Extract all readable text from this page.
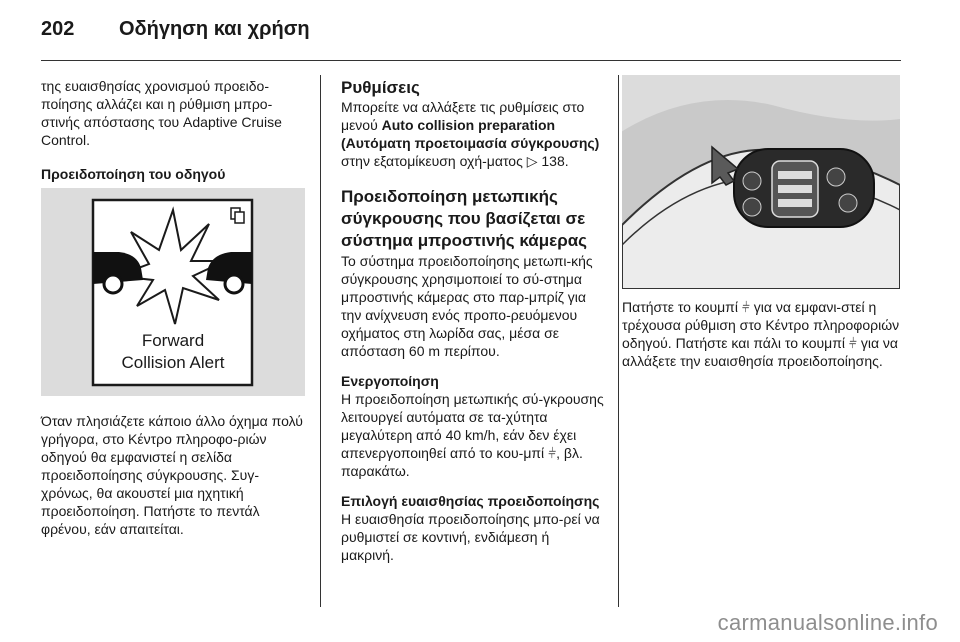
202 Οδήγηση και χρήση

της ευαισθησίας χρονισμού προειδο-ποίησης αλλάζει και η ρύθμιση μπρο-στινής απόστασης του Adaptive Cruise Control.

Προειδοποίηση του οδηγού

Forward
Collision Alert

Όταν πλησιάζετε κάποιο άλλο όχημα πολύ γρήγορα, στο Κέντρο πληροφο-ριών οδηγού θα εμφανιστεί η σελίδα προειδοποίησης σύγκρουσης. Συγ-χρόνως, θα ακουστεί μια ηχητική προειδοποίηση. Πατήστε το πεντάλ φρένου, εάν απαιτείται.

Ρυθμίσεις

Μπορείτε να αλλάξετε τις ρυθμίσεις στο μενού Auto collision preparation (Αυτόματη προετοιμασία σύγκρουσης) στην εξατομίκευση οχή-ματος ▷ 138.

Προειδοποίηση μετωπικής σύγκρουσης που βασίζεται σε σύστημα μπροστινής κάμερας

Το σύστημα προειδοποίησης μετωπι-κής σύγκρουσης χρησιμοποιεί το σύ-στημα μπροστινής κάμερας στο παρ-μπρίζ για την ανίχνευση ενός προπο-ρευόμενου οχήματος στη λωρίδα σας, μέσα σε απόσταση 60 m περίπου.

Ενεργοποίηση

Η προειδοποίηση μετωπικής σύ-γκρουσης λειτουργεί αυτόματα σε τα-χύτητα μεγαλύτερη από 40 km/h, εάν δεν έχει απενεργοποιηθεί από το κου-μπί ⫩, βλ. παρακάτω.

Επιλογή ευαισθησίας προειδοποίησης

Η ευαισθησία προειδοποίησης μπο-ρεί να ρυθμιστεί σε κοντινή, ενδιάμεση ή μακρινή.

Πατήστε το κουμπί ⫩ για να εμφανι-στεί η τρέχουσα ρύθμιση στο Κέντρο πληροφοριών οδηγού. Πατήστε και πάλι το κουμπί ⫩ για να αλλάξετε την ευαισθησία προειδοποίησης.

carmanualsonline.info
